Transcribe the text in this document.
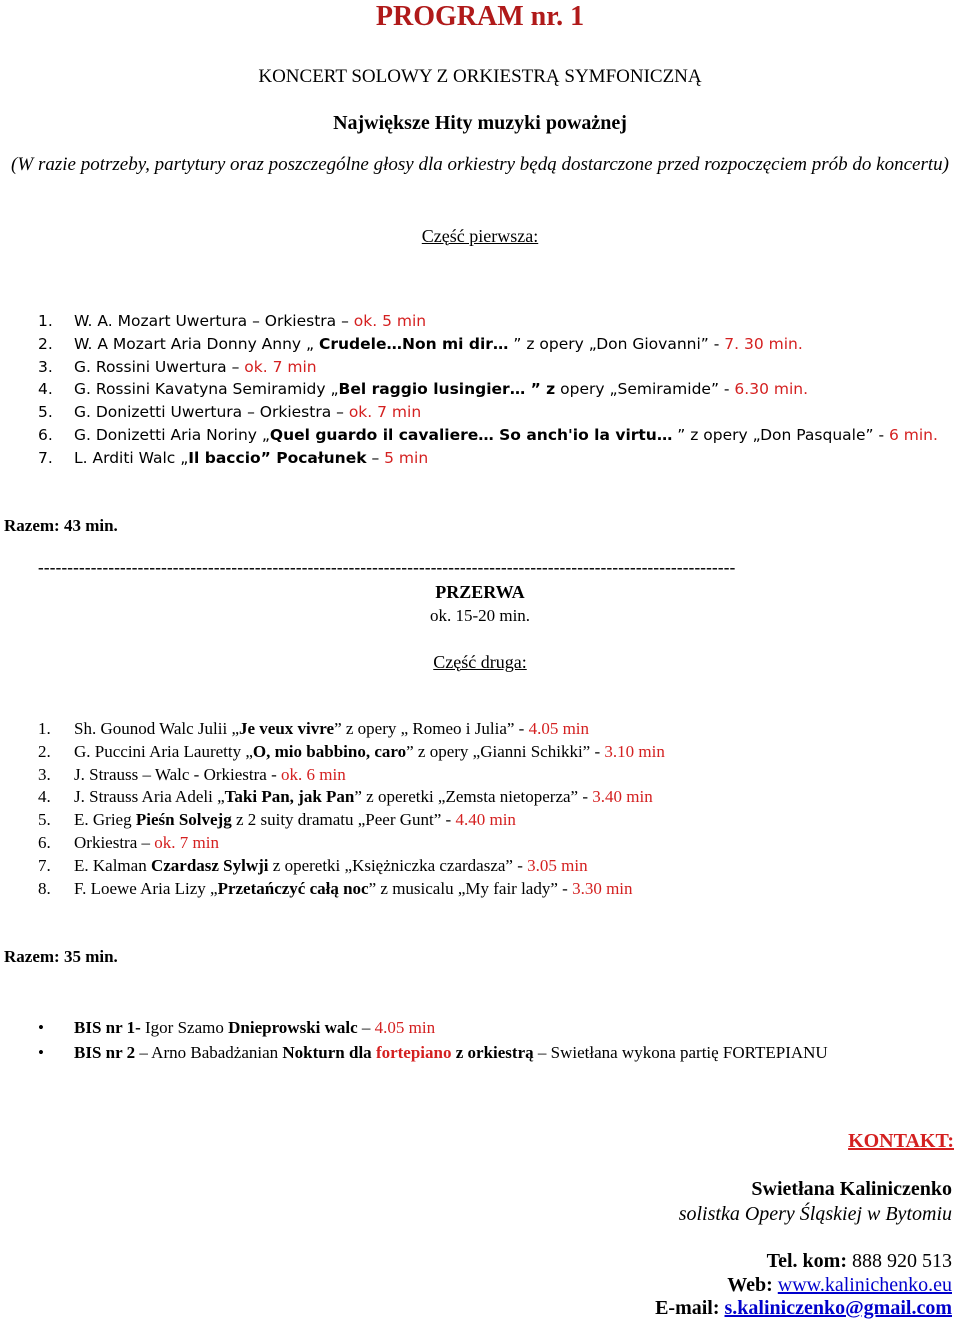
PROGRAM nr. 1
KONCERT SOLOWY Z ORKIESTRĄ SYMFONICZNĄ
Największe Hity muzyki poważnej
(W razie potrzeby, partytury oraz poszczególne głosy dla orkiestry będą dostarczone przed rozpoczęciem prób do koncertu)
Część pierwsza:
1.	W. A. Mozart Uwertura – Orkiestra – ok. 5 min
2.	W. A Mozart Aria Donny Anny „ Crudele…Non mi dir… ” z opery „Don Giovanni” - 7. 30 min.
3.	G. Rossini Uwertura – ok. 7 min
4.	G. Rossini Kavatyna Semiramidy „Bel raggio lusingier… ” z opery „Semiramide” - 6.30 min.
5.	G. Donizetti Uwertura – Orkiestra – ok. 7 min
6.	G. Donizetti Aria Noriny „Quel guardo il cavaliere… So anch'io la virtu… ” z opery „Don Pasquale” - 6 min.
7.	L. Arditi Walc „Il baccio” Pocałunek – 5 min
Razem: 43 min.
-----------------------------------------------------------------------------------------------------------------------
PRZERWA
ok. 15-20 min.
Część druga:
1.	Sh. Gounod Walc Julii „Je veux vivre” z opery „ Romeo i Julia” - 4.05 min
2.	G. Puccini Aria Lauretty „O, mio babbino, caro” z opery „Gianni Schikki” - 3.10 min
3.	J. Strauss – Walc - Orkiestra - ok. 6 min
4.	J. Strauss Aria Adeli „Taki Pan, jak Pan” z operetki „Zemsta nietoperza” - 3.40 min
5.	E. Grieg Pieśn Solvejg z 2 suity dramatu „Peer Gunt” - 4.40 min
6.	Orkiestra – ok. 7 min
7.	E. Kalman Czardasz Sylwji z operetki „Księżniczka czardasza” - 3.05 min
8.	F. Loewe Aria Lizy „Przetańczyć całą noc” z musicalu „My fair lady” - 3.30 min
Razem: 35 min.
•	BIS nr 1- Igor Szamo Dnieprowski walc – 4.05 min
•	BIS nr 2 – Arno Babadżanian Nokturn dla fortepiano z orkiestrą – Swietłana wykona partię FORTEPIANU
KONTAKT:
Swietłana Kaliniczenko
solistka Opery Śląskiej w Bytomiu
Tel. kom: 888 920 513
Web: www.kalinichenko.eu
E-mail: s.kaliniczenko@gmail.com
